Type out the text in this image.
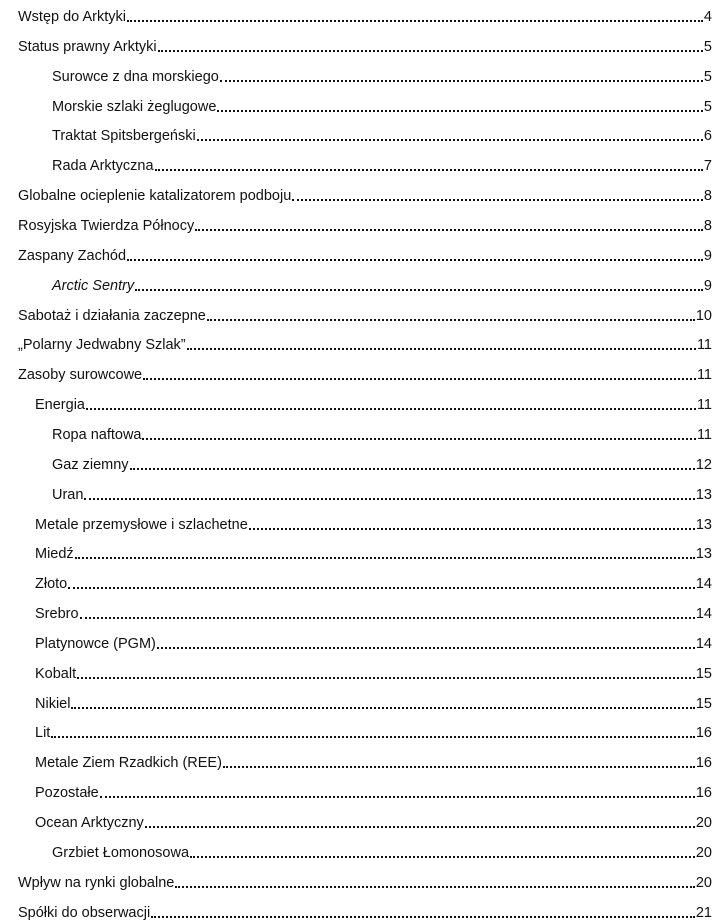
Wstęp do Arktyki	4
Status prawny Arktyki	5
Surowce z dna morskiego	5
Morskie szlaki żeglugowe	5
Traktat Spitsbergeński	6
Rada Arktyczna	7
Globalne ocieplenie katalizatorem podboju	8
Rosyjska Twierdza Północy	8
Zaspany Zachód	9
Arctic Sentry	9
Sabotaż i działania zaczepne	10
„Polarny Jedwabny Szlak”	11
Zasoby surowcowe	11
Energia	11
Ropa naftowa	11
Gaz ziemny	12
Uran	13
Metale przemysłowe i szlachetne	13
Miedź	13
Złoto	14
Srebro	14
Platynowce (PGM)	14
Kobalt	15
Nikiel	15
Lit	16
Metale Ziem Rzadkich (REE)	16
Pozostałe	16
Ocean Arktyczny	20
Grzbiet Łomonosowa	20
Wpływ na rynki globalne	20
Spółki do obserwacji	21
